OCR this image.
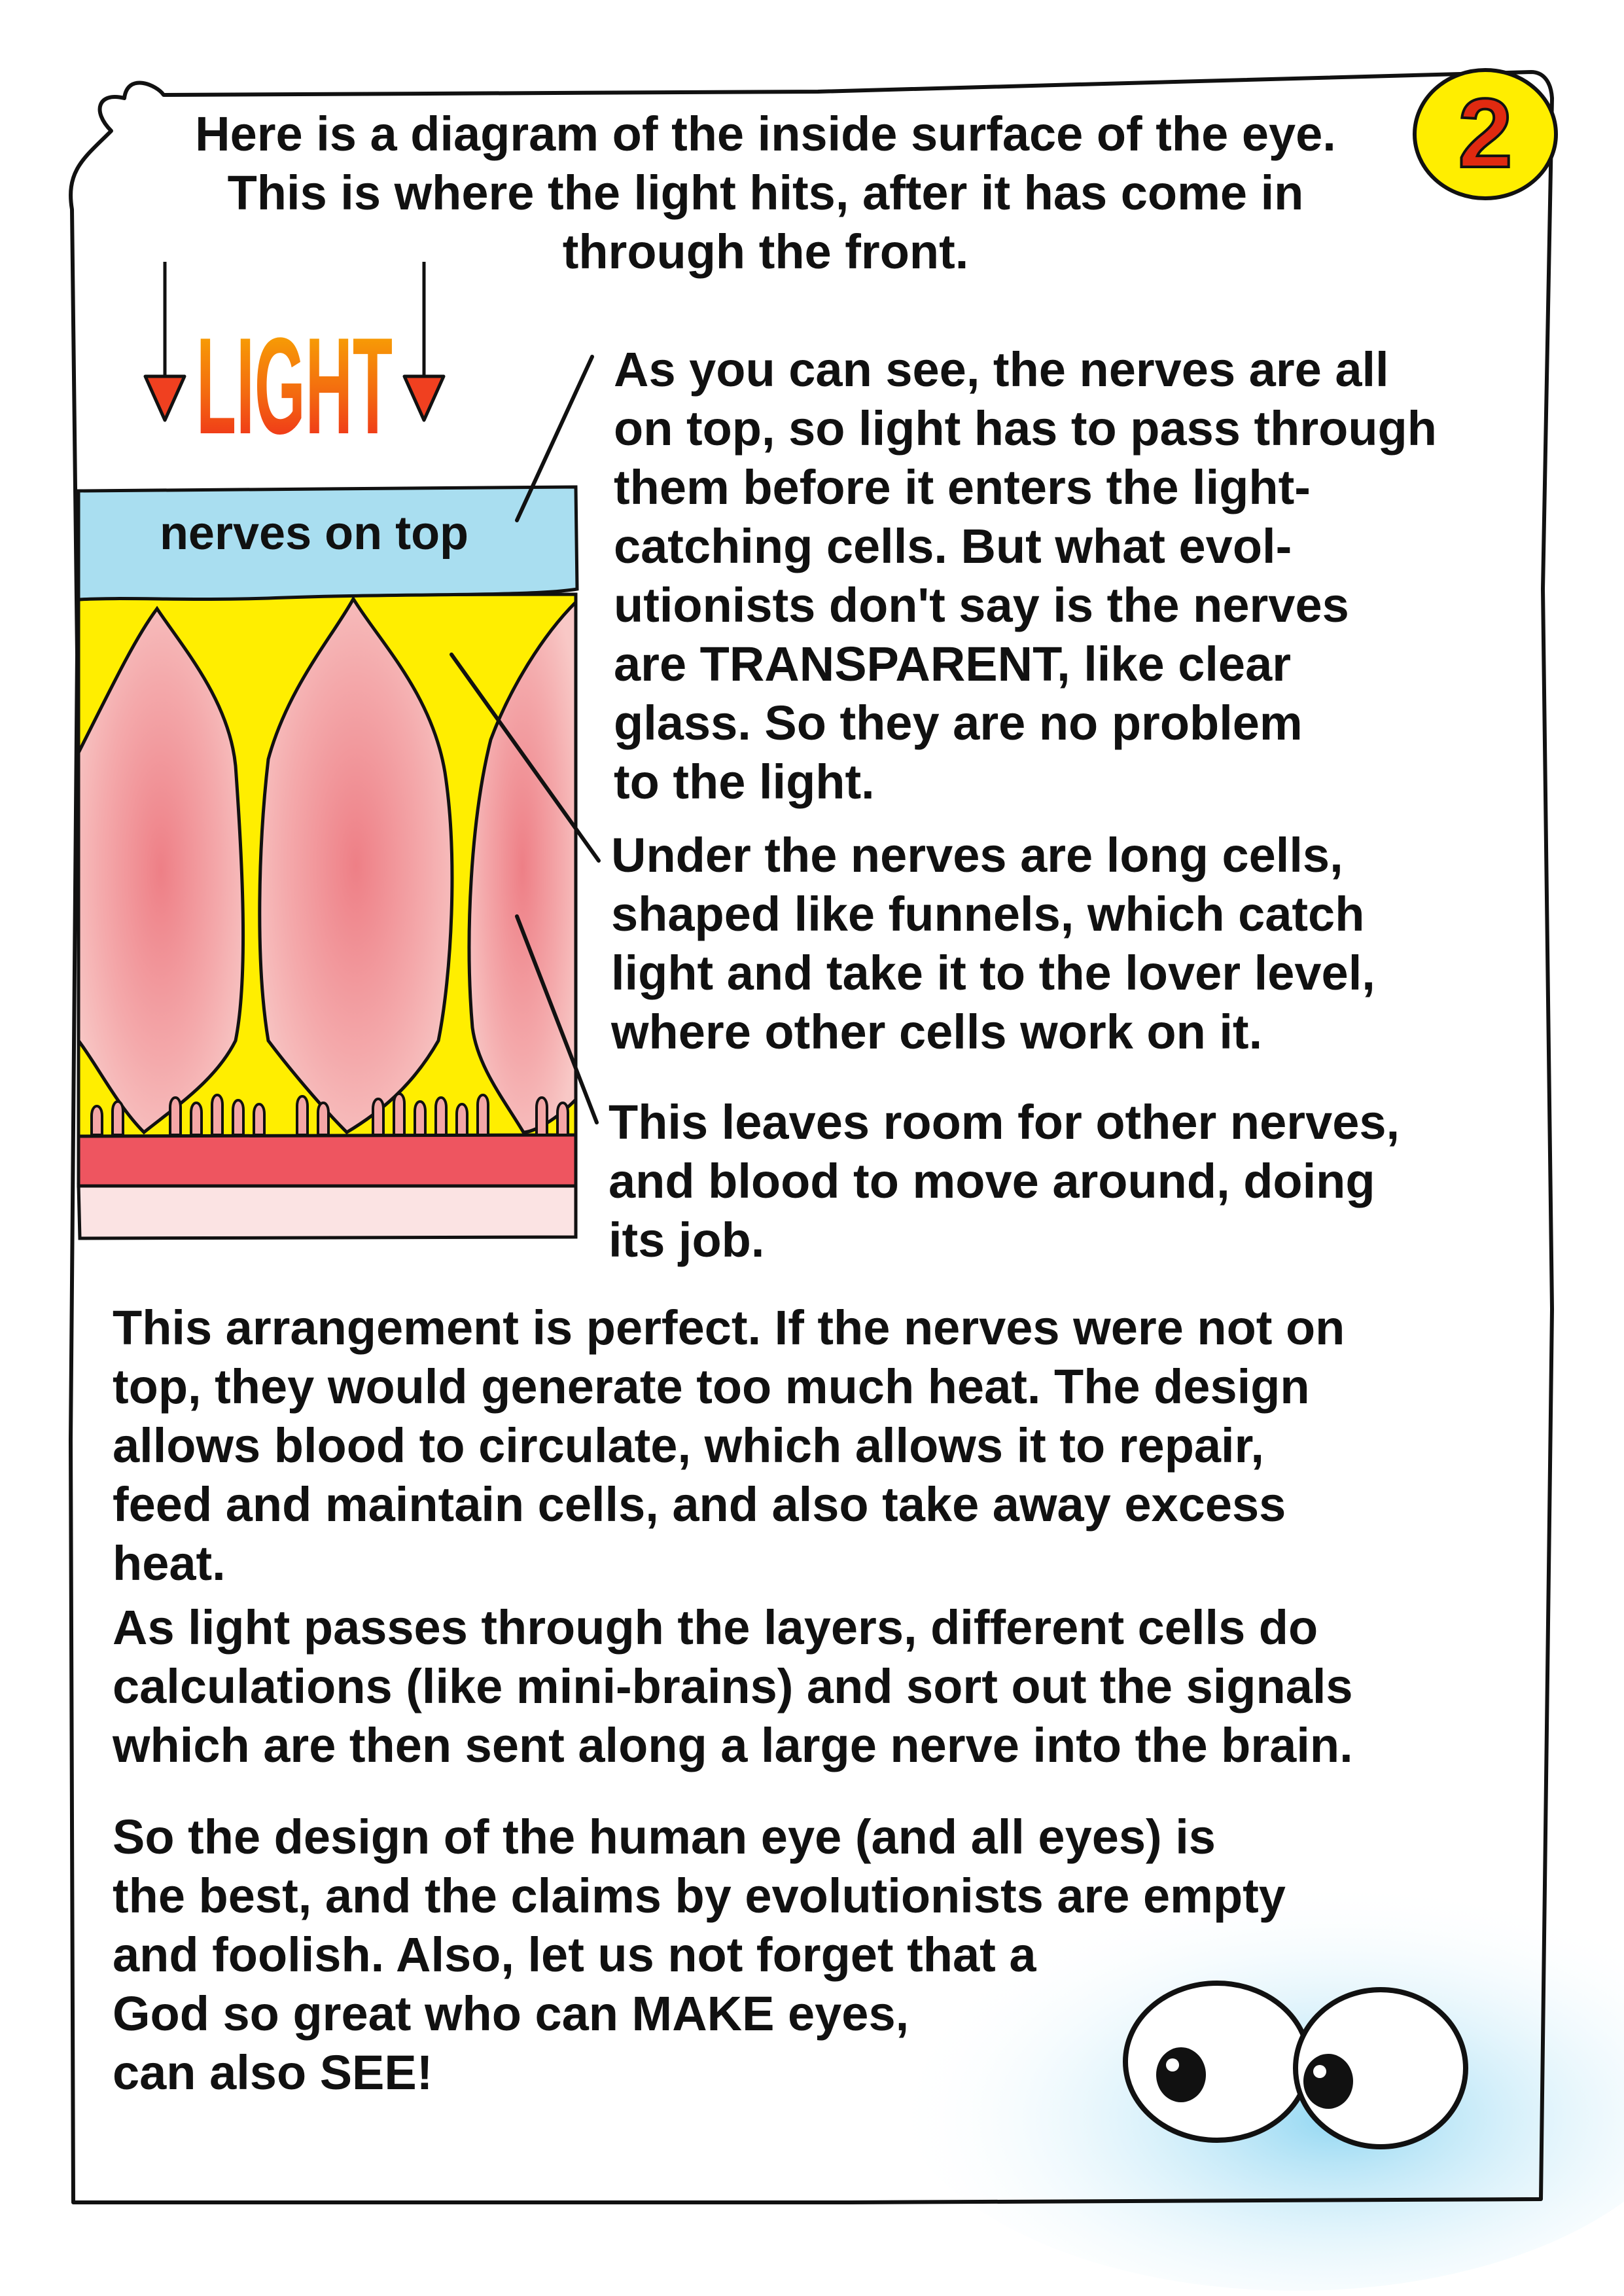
2
Here is a diagram of the inside surface of the eye.
This is where the light hits, after it has come in
through the front.
LIGHT
nerves on top
As you can see, the nerves are all
on top, so light has to pass through
them before it enters the light-
catching cells. But what evol-
utionists don't say is the nerves
are TRANSPARENT, like clear
glass. So they are no problem
to the light.
Under the nerves are long cells,
shaped like funnels, which catch
light and take it to the lover level,
where other cells work on it.
This leaves room for other nerves,
and blood to move around, doing
its job.
This arrangement is perfect. If the nerves were not on
top, they would generate too much heat. The design
allows blood to circulate, which allows it to repair,
feed and maintain cells, and also take away excess
heat.
As light passes through the layers, different cells do
calculations (like mini-brains) and sort out the signals
which are then sent along a large nerve into the brain.
So the design of the human eye (and all eyes) is
the best, and the claims by evolutionists are empty
and foolish. Also, let us not forget that a
God so great who can MAKE eyes,
can also SEE!
